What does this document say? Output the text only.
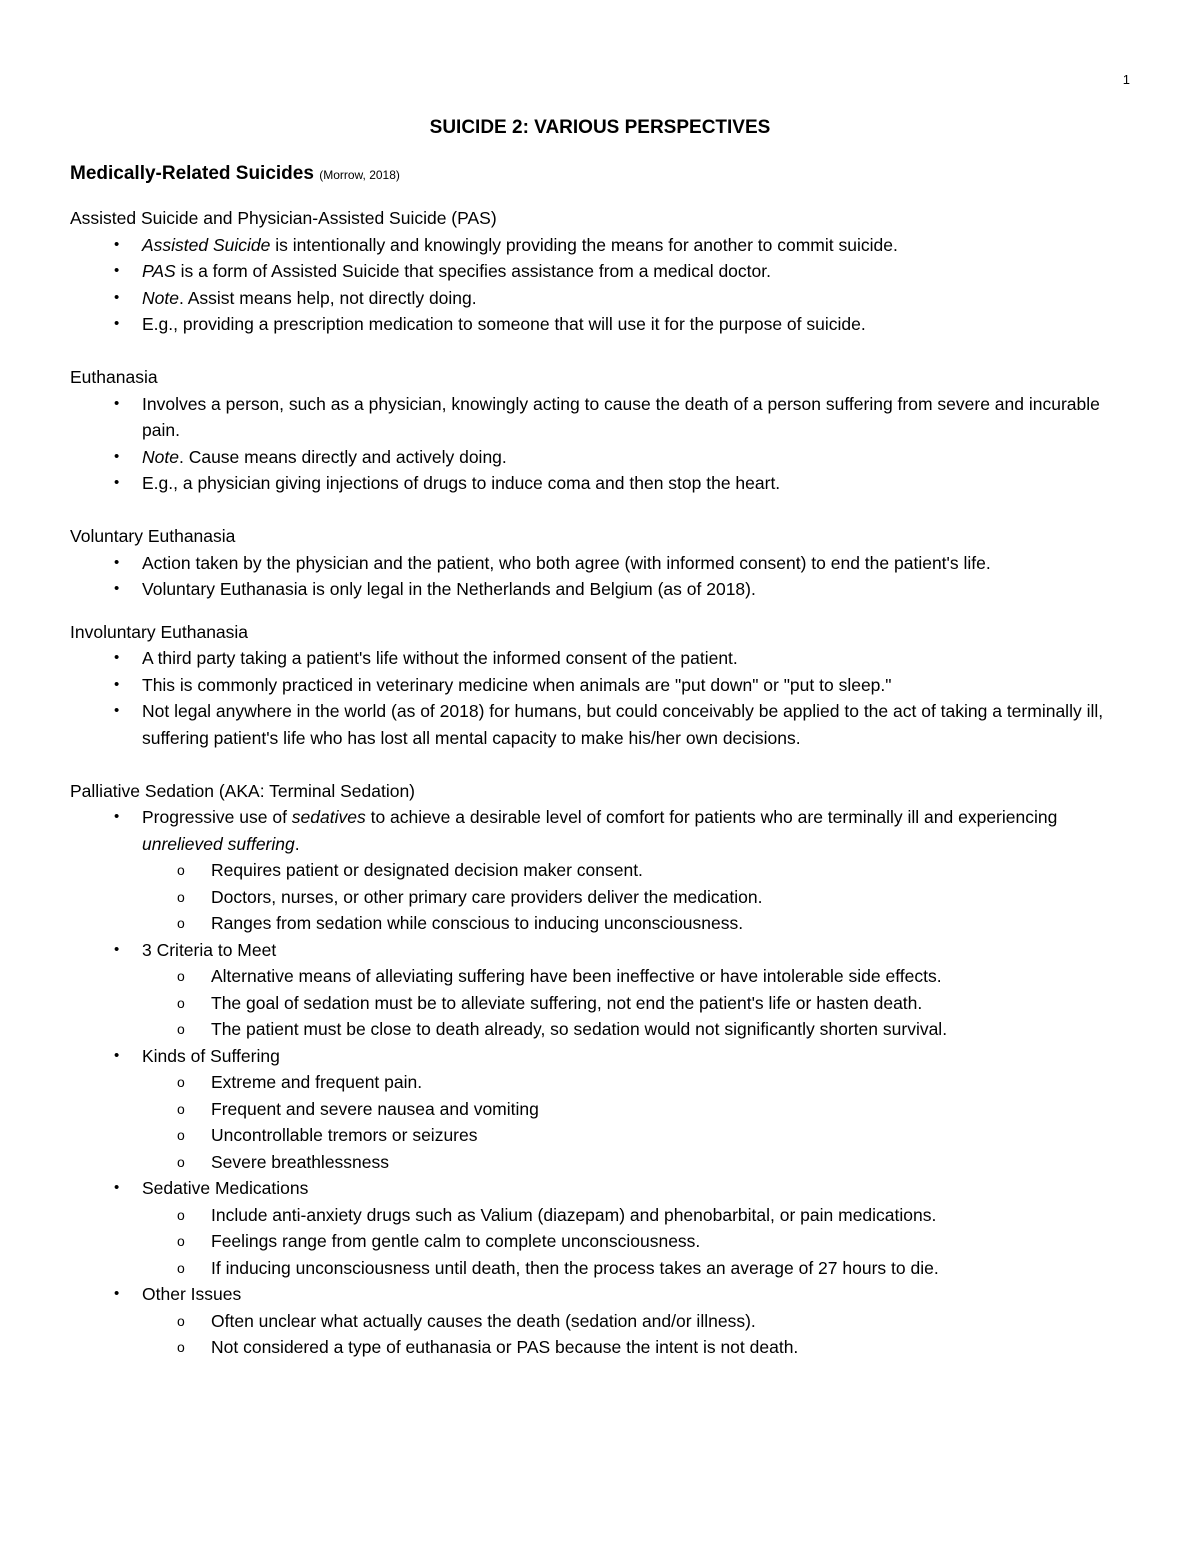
1
SUICIDE 2: VARIOUS PERSPECTIVES

Medically-Related Suicides (Morrow, 2018)

Assisted Suicide and Physician-Assisted Suicide (PAS)

• Assisted Suicide is intentionally and knowingly providing the means for another to commit suicide.
• PAS is a form of Assisted Suicide that specifies assistance from a medical doctor.
• Note. Assist means help, not directly doing.
• E.g., providing a prescription medication to someone that will use it for the purpose of suicide.

Euthanasia

• Involves a person, such as a physician, knowingly acting to cause the death of a person suffering from severe and incurable pain.
• Note. Cause means directly and actively doing.
• E.g., a physician giving injections of drugs to induce coma and then stop the heart.

Voluntary Euthanasia

• Action taken by the physician and the patient, who both agree (with informed consent) to end the patient's life.
• Voluntary Euthanasia is only legal in the Netherlands and Belgium (as of 2018).

Involuntary Euthanasia

• A third party taking a patient's life without the informed consent of the patient.
• This is commonly practiced in veterinary medicine when animals are "put down" or "put to sleep."
• Not legal anywhere in the world (as of 2018) for humans, but could conceivably be applied to the act of taking a terminally ill, suffering patient's life who has lost all mental capacity to make his/her own decisions.

Palliative Sedation (AKA: Terminal Sedation)

• Progressive use of sedatives to achieve a desirable level of comfort for patients who are terminally ill and experiencing unrelieved suffering.
o Requires patient or designated decision maker consent.
o Doctors, nurses, or other primary care providers deliver the medication.
o Ranges from sedation while conscious to inducing unconsciousness.
• 3 Criteria to Meet
o Alternative means of alleviating suffering have been ineffective or have intolerable side effects.
o The goal of sedation must be to alleviate suffering, not end the patient's life or hasten death.
o The patient must be close to death already, so sedation would not significantly shorten survival.
• Kinds of Suffering
o Extreme and frequent pain.
o Frequent and severe nausea and vomiting
o Uncontrollable tremors or seizures
o Severe breathlessness
• Sedative Medications
o Include anti-anxiety drugs such as Valium (diazepam) and phenobarbital, or pain medications.
o Feelings range from gentle calm to complete unconsciousness.
o If inducing unconsciousness until death, then the process takes an average of 27 hours to die.
• Other Issues
o Often unclear what actually causes the death (sedation and/or illness).
o Not considered a type of euthanasia or PAS because the intent is not death.
